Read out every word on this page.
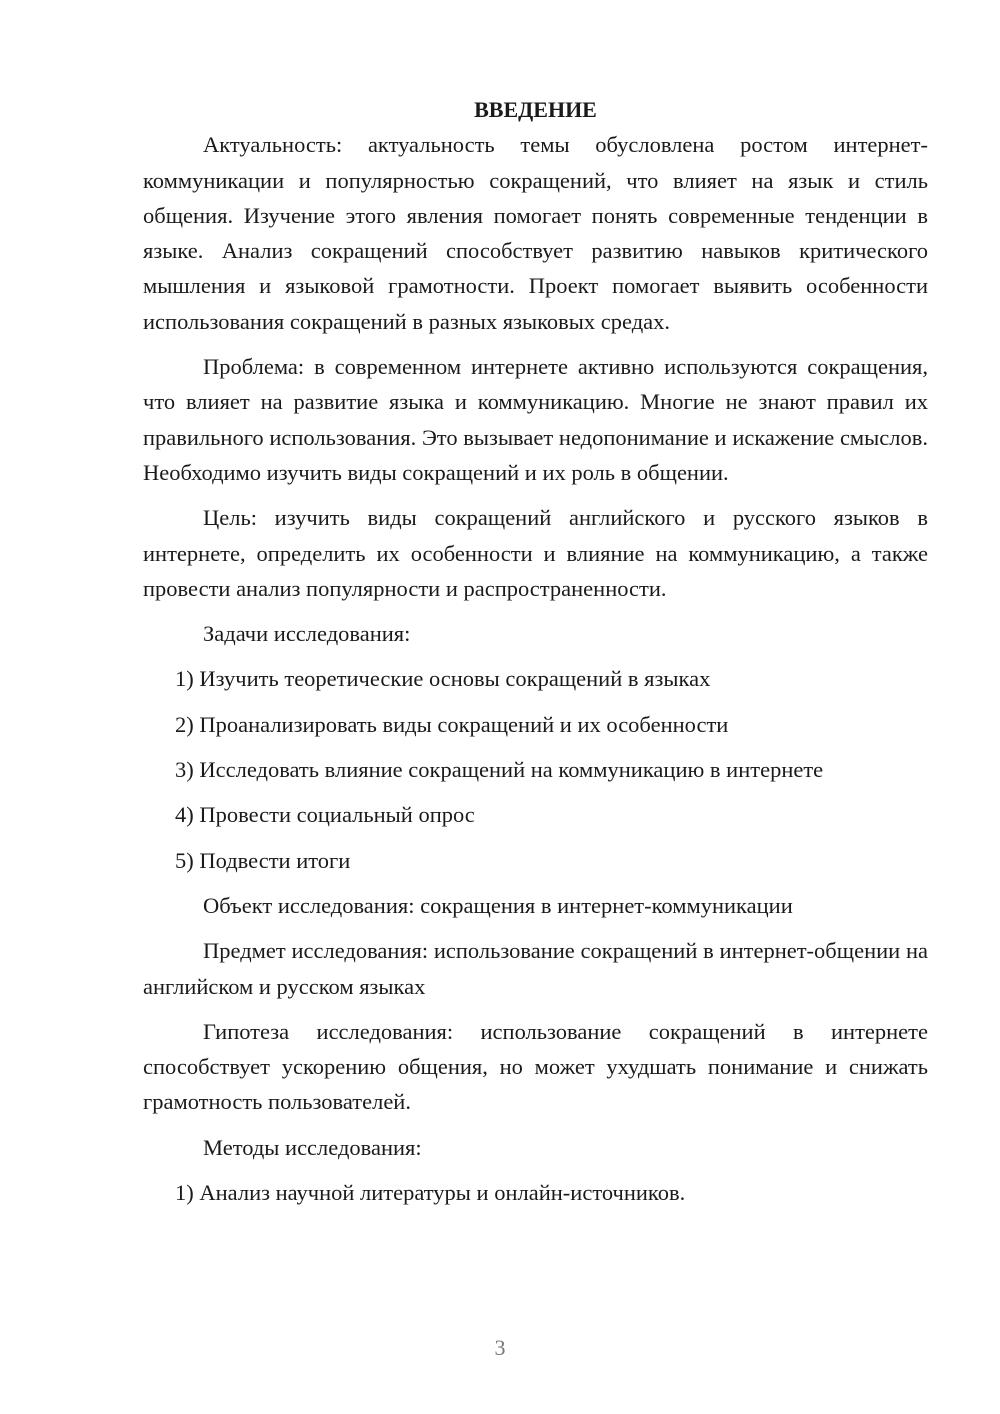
ВВЕДЕНИЕ

Актуальность: актуальность темы обусловлена ростом интернет-коммуникации и популярностью сокращений, что влияет на язык и стиль общения. Изучение этого явления помогает понять современные тенденции в языке. Анализ сокращений способствует развитию навыков критического мышления и языковой грамотности. Проект помогает выявить особенности использования сокращений в разных языковых средах.

Проблема: в современном интернете активно используются сокращения, что влияет на развитие языка и коммуникацию. Многие не знают правил их правильного использования. Это вызывает недопонимание и искажение смыслов. Необходимо изучить виды сокращений и их роль в общении.

Цель: изучить виды сокращений английского и русского языков в интернете, определить их особенности и влияние на коммуникацию, а также провести анализ популярности и распространенности.

Задачи исследования:

1) Изучить теоретические основы сокращений в языках
2) Проанализировать виды сокращений и их особенности
3) Исследовать влияние сокращений на коммуникацию в интернете
4) Провести социальный опрос
5) Подвести итоги

Объект исследования: сокращения в интернет-коммуникации

Предмет исследования: использование сокращений в интернет-общении на английском и русском языках

Гипотеза исследования: использование сокращений в интернете способствует ускорению общения, но может ухудшать понимание и снижать грамотность пользователей.

Методы исследования:

1) Анализ научной литературы и онлайн-источников.
3
